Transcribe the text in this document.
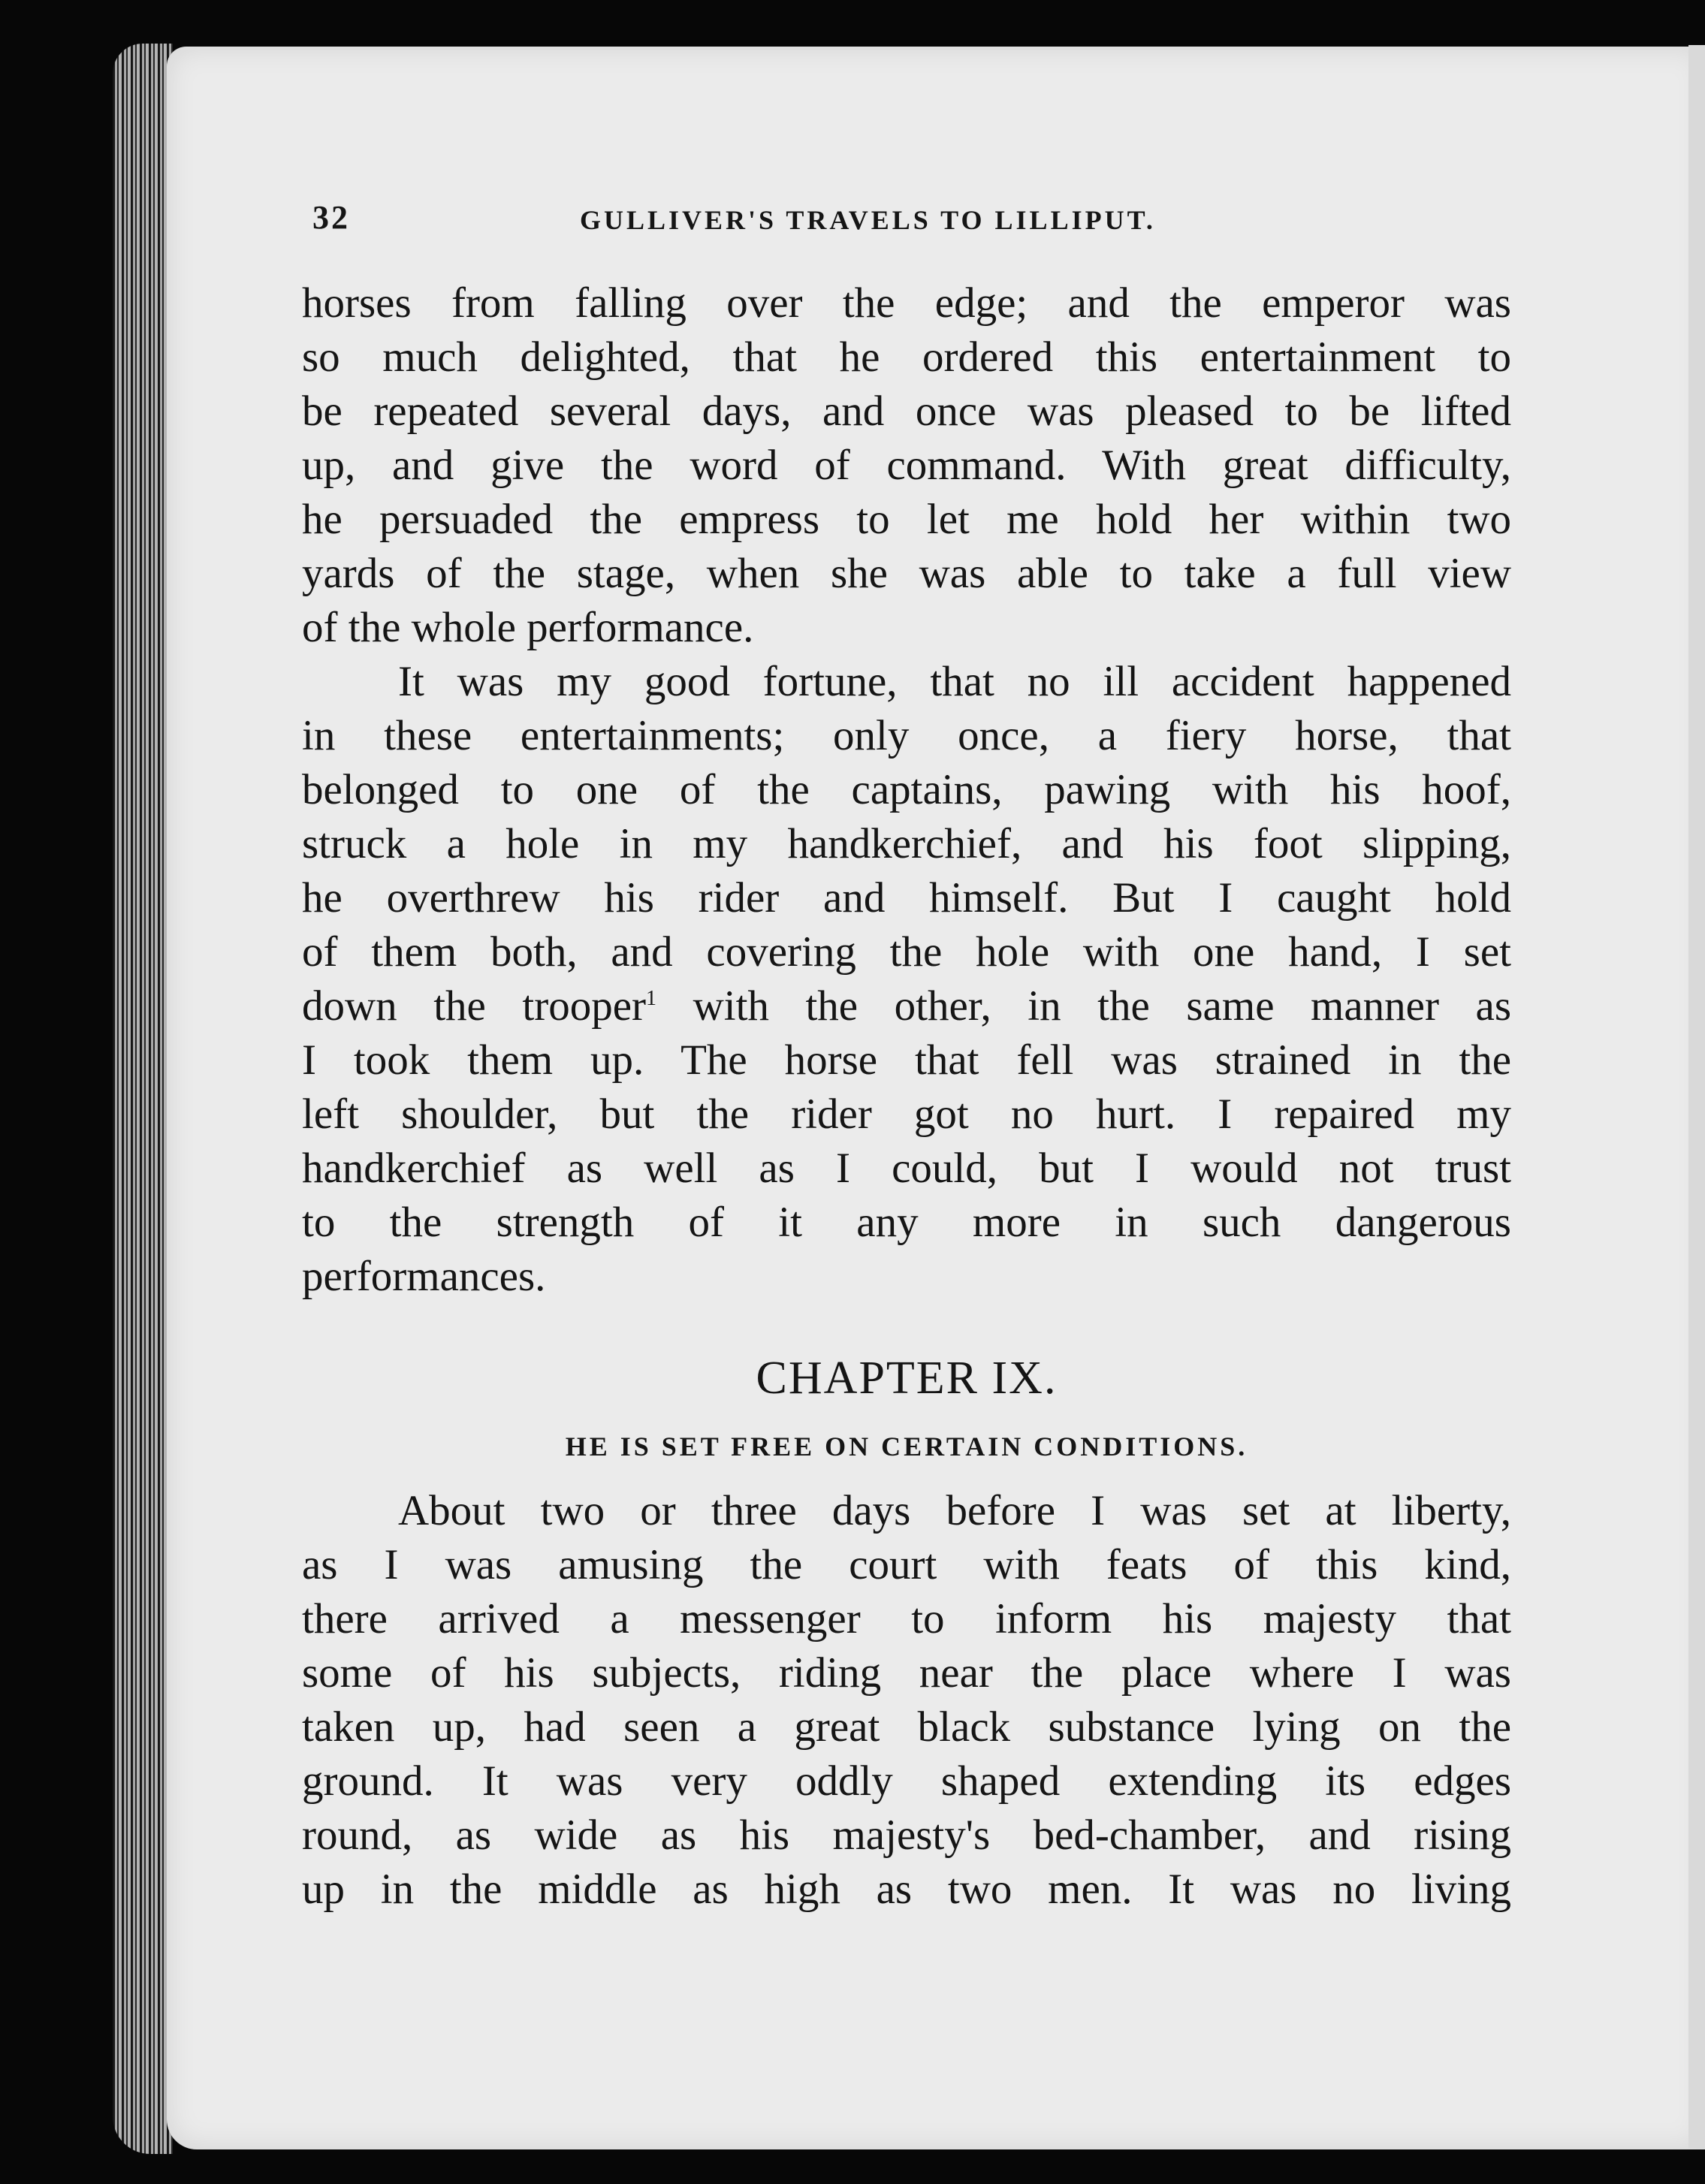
32	GULLIVER'S TRAVELS TO LILLIPUT.
horses from falling over the edge; and the emperor was
so much delighted, that he ordered this entertainment to
be repeated several days, and once was pleased to be lifted
up, and give the word of command. With great difficulty,
he persuaded the empress to let me hold her within two
yards of the stage, when she was able to take a full view
of the whole performance.
It was my good fortune, that no ill accident happened
in these entertainments; only once, a fiery horse, that
belonged to one of the captains, pawing with his hoof,
struck a hole in my handkerchief, and his foot slipping,
he overthrew his rider and himself. But I caught hold
of them both, and covering the hole with one hand, I set
down the trooper$^1$ with the other, in the same manner as
I took them up. The horse that fell was strained in the
left shoulder, but the rider got no hurt. I repaired my
handkerchief as well as I could, but I would not trust
to the strength of it any more in such dangerous
performances.
CHAPTER IX.
HE IS SET FREE ON CERTAIN CONDITIONS.
About two or three days before I was set at liberty,
as I was amusing the court with feats of this kind,
there arrived a messenger to inform his majesty that
some of his subjects, riding near the place where I was
taken up, had seen a great black substance lying on the
ground. It was very oddly shaped extending its edges
round, as wide as his majesty's bed-chamber, and rising
up in the middle as high as two men. It was no living
